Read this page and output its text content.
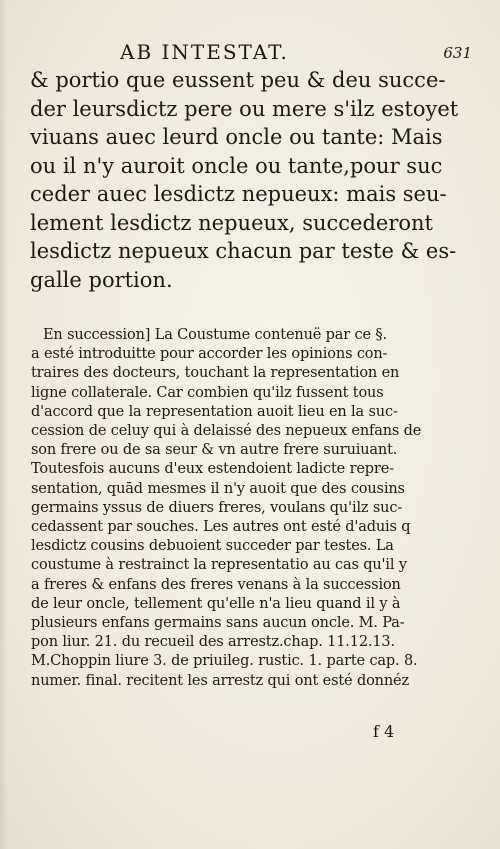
AB INTESTAT.	631
& portio que eussent peu & deu succe-
der leursdictz pere ou mere s'ilz estoyet
viuans auec leurd oncle ou tante: Mais
ou il n'y auroit oncle ou tante,pour suc
ceder auec lesdictz nepueux: mais seu-
lement lesdictz nepueux, succederont
lesdictz nepueux chacun par teste & es-
galle portion.
En succession] La Coustume contenuë par ce §.
a esté introduitte pour accorder les opinions con-
traires des docteurs, touchant la representation en
ligne collaterale. Car combien qu'ilz fussent tous
d'accord que la representation auoit lieu en la suc-
cession de celuy qui à delaissé des nepueux enfans de
son frere ou de sa seur & vn autre frere suruiuant.
Toutesfois aucuns d'eux estendoient ladicte repre-
sentation, quād mesmes il n'y auoit que des cousins
germains yssus de diuers freres, voulans qu'ilz suc-
cedassent par souches. Les autres ont esté d'aduis q
lesdictz cousins debuoient succeder par testes. La
coustume à restrainct la representatio au cas qu'il y
a freres & enfans des freres venans à la succession
de leur oncle, tellement qu'elle n'a lieu quand il y à
plusieurs enfans germains sans aucun oncle. M. Pa-
pon liur. 21. du recueil des arrestz.chap. 11.12.13.
M.Choppin liure 3. de priuileg. rustic. 1. parte cap. 8.
numer. final. recitent les arrestz qui ont esté donnéz
f 4
